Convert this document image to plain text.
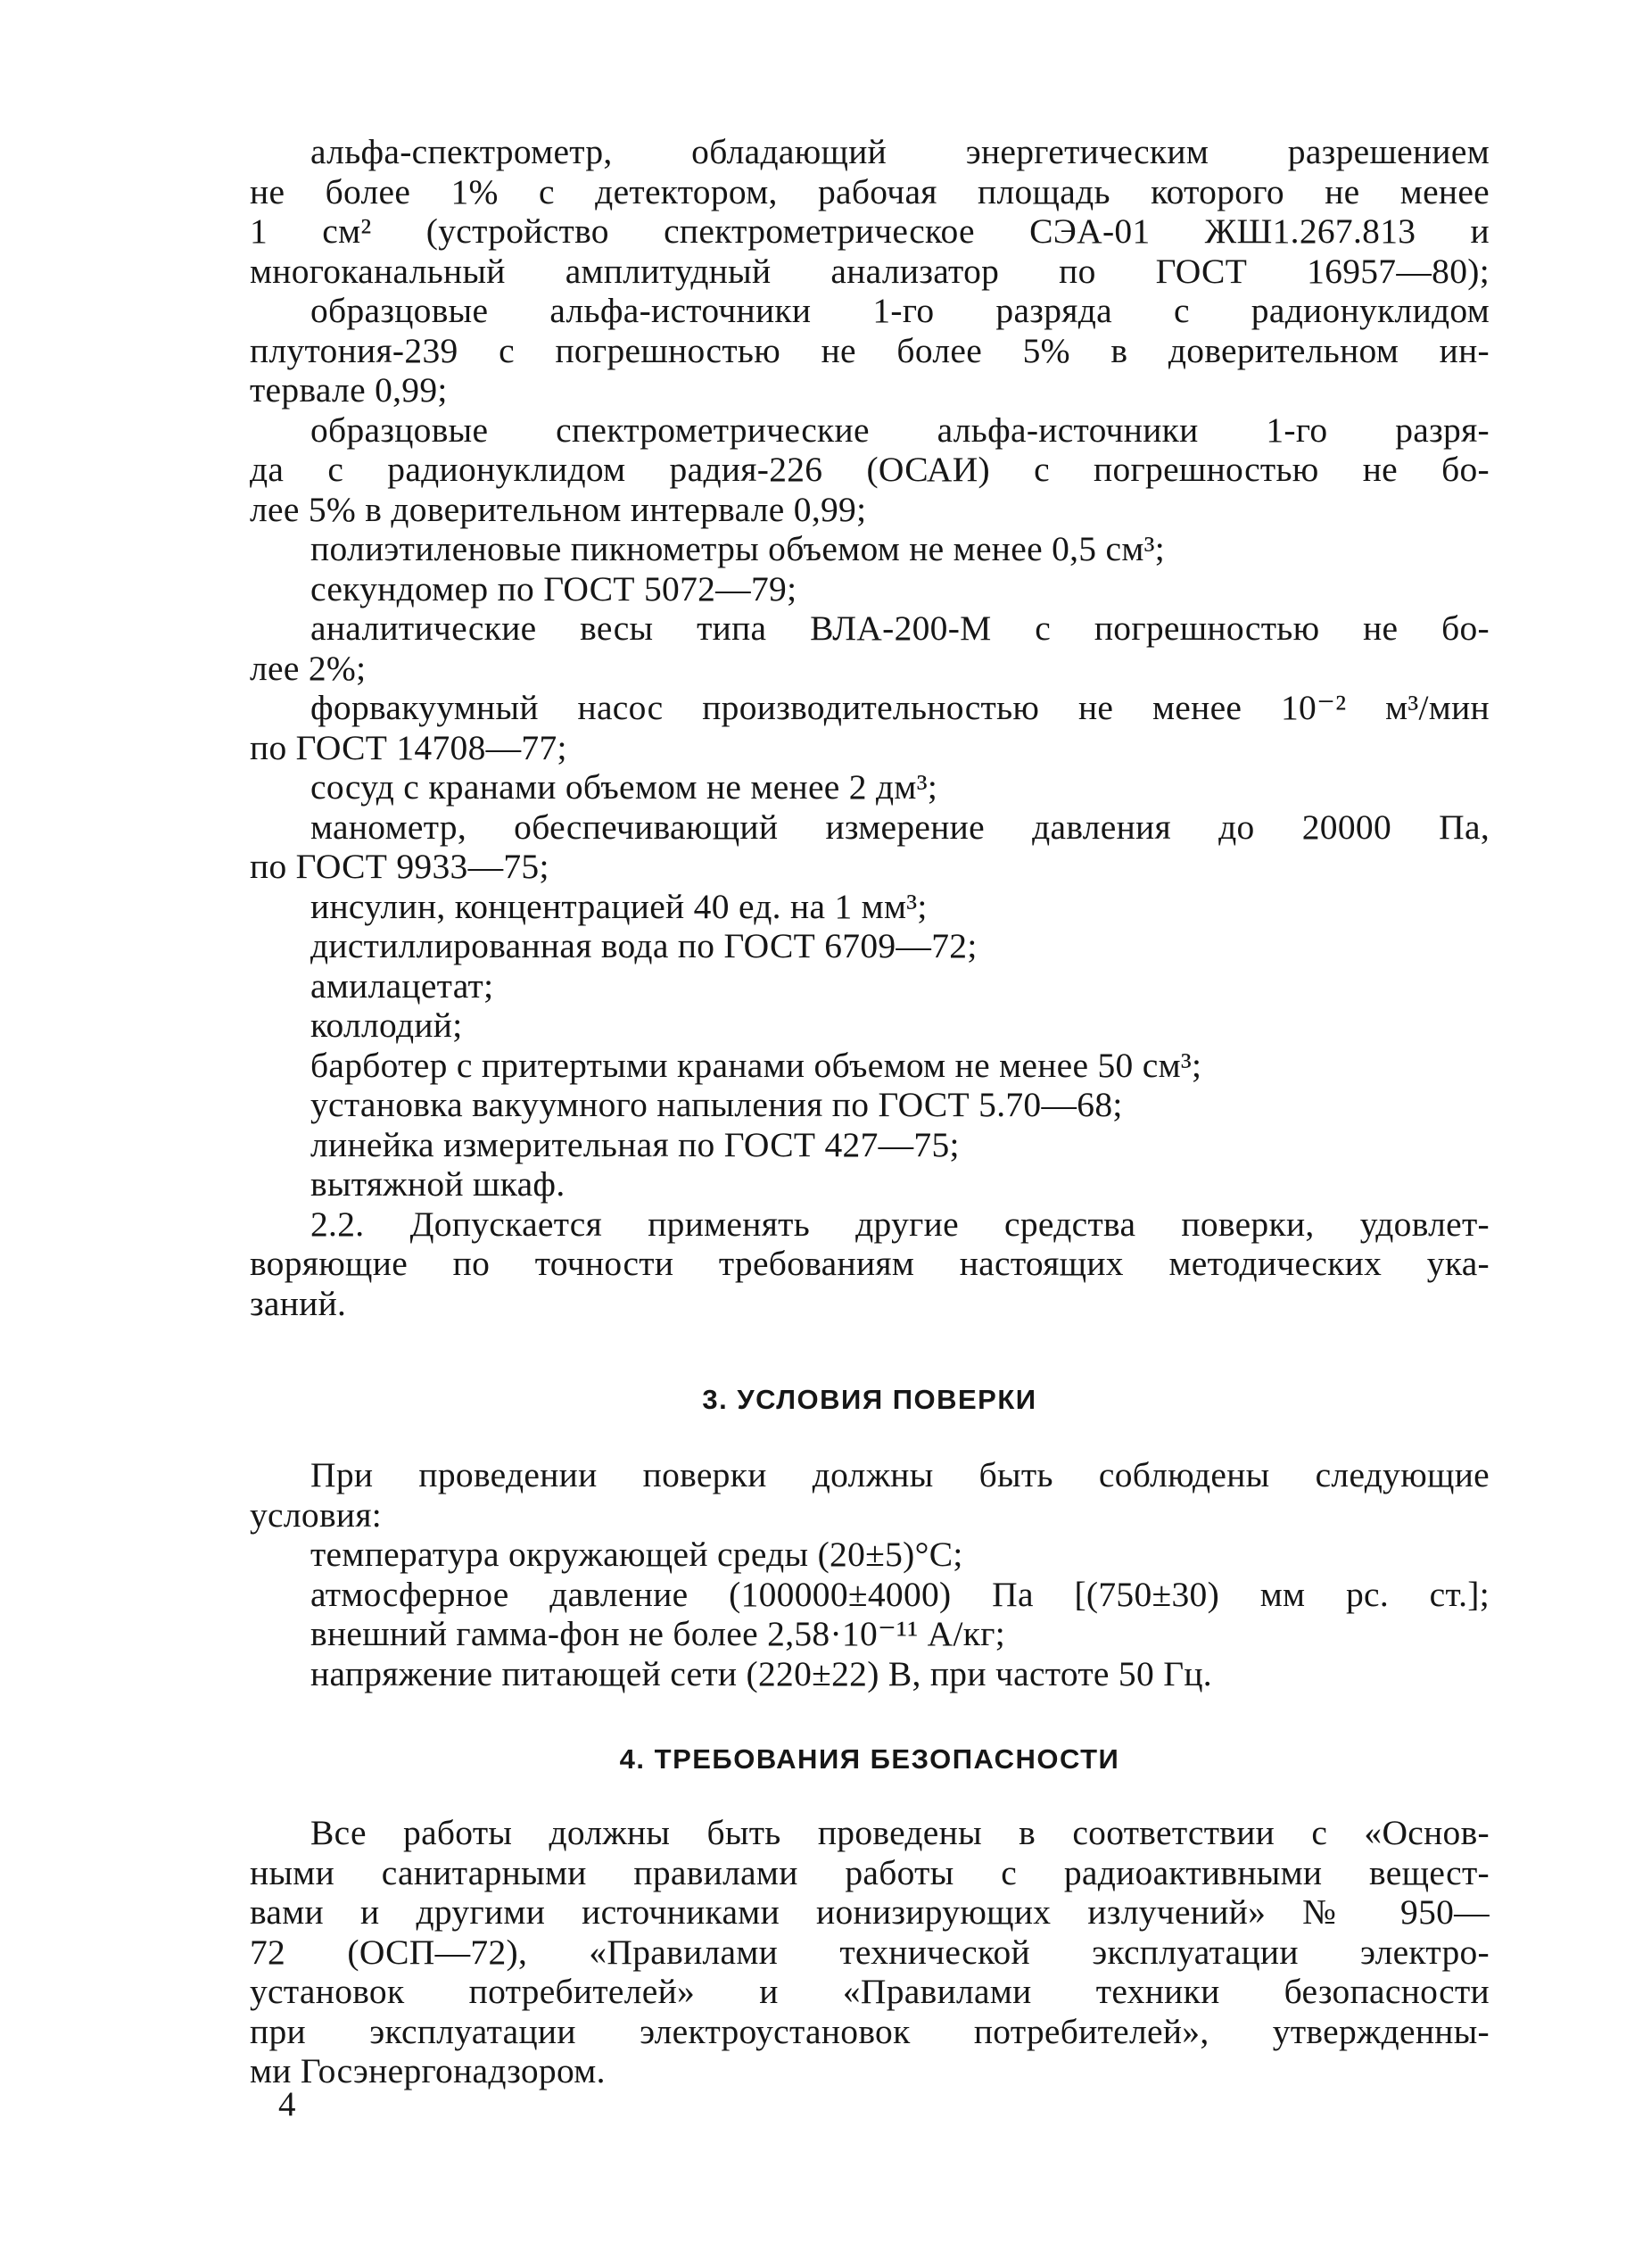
альфа-спектрометр, обладающий энергетическим разрешением
не более 1% с детектором, рабочая площадь которого не менее
1 см² (устройство спектрометрическое СЭА-01 ЖШ1.267.813 и
многоканальный амплитудный анализатор по ГОСТ 16957—80);
образцовые альфа-источники 1-го разряда с радионуклидом
плутония-239 с погрешностью не более 5% в доверительном ин-
тервале 0,99;
образцовые спектрометрические альфа-источники 1-го разря-
да с радионуклидом радия-226 (ОСАИ) с погрешностью не бо-
лее 5% в доверительном интервале 0,99;
полиэтиленовые пикнометры объемом не менее 0,5 см³;
секундомер по ГОСТ 5072—79;
аналитические весы типа ВЛА-200-М с погрешностью не бо-
лее 2%;
форвакуумный насос производительностью не менее 10⁻² м³/мин
по ГОСТ 14708—77;
сосуд с кранами объемом не менее 2 дм³;
манометр, обеспечивающий измерение давления до 20000 Па,
по ГОСТ 9933—75;
инсулин, концентрацией 40 ед. на 1 мм³;
дистиллированная вода по ГОСТ 6709—72;
амилацетат;
коллодий;
барботер с притертыми кранами объемом не менее 50 см³;
установка вакуумного напыления по ГОСТ 5.70—68;
линейка измерительная по ГОСТ 427—75;
вытяжной шкаф.
2.2. Допускается применять другие средства поверки, удовлет-
воряющие по точности требованиям настоящих методических ука-
заний.
3. УСЛОВИЯ ПОВЕРКИ
При проведении поверки должны быть соблюдены следующие
условия:
температура окружающей среды (20±5)°С;
атмосферное давление (100000±4000) Па [(750±30) мм рс. ст.];
внешний гамма-фон не более 2,58·10⁻¹¹ А/кг;
напряжение питающей сети (220±22) В, при частоте 50 Гц.
4. ТРЕБОВАНИЯ БЕЗОПАСНОСТИ
Все работы должны быть проведены в соответствии с «Основ-
ными санитарными правилами работы с радиоактивными вещест-
вами и другими источниками ионизирующих излучений» № 950—
72 (ОСП—72), «Правилами технической эксплуатации электро-
установок потребителей» и «Правилами техники безопасности
при эксплуатации электроустановок потребителей», утвержденны-
ми Госэнергонадзором.
4
